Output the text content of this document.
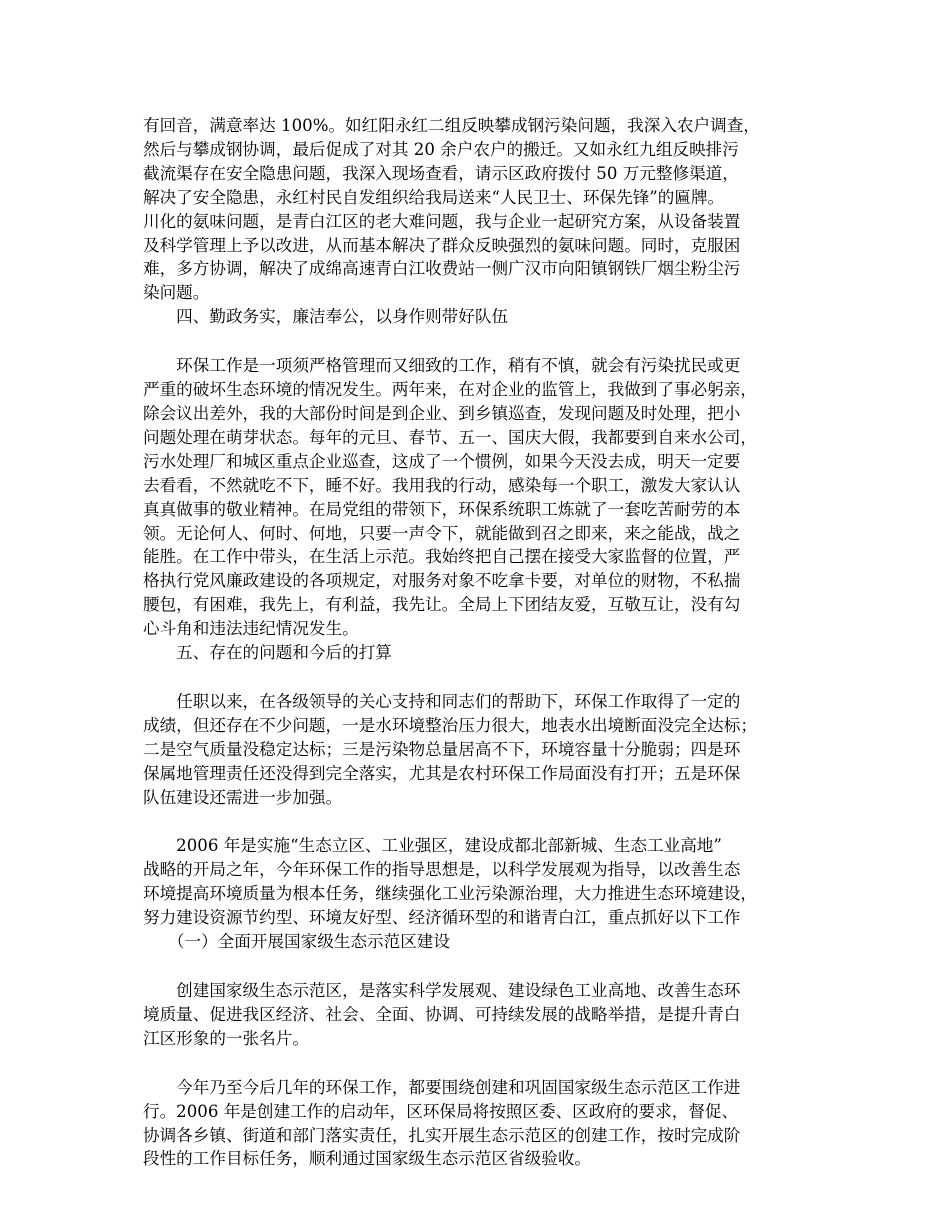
有回音，满意率达 100%。如红阳永红二组反映攀成钢污染问题，我深入农户调查，
然后与攀成钢协调，最后促成了对其 20 余户农户的搬迁。又如永红九组反映排污
截流渠存在安全隐患问题，我深入现场查看，请示区政府拨付 50 万元整修渠道，
解决了安全隐患，永红村民自发组织给我局送来“人民卫士、环保先锋”的匾牌。
川化的氨味问题，是青白江区的老大难问题，我与企业一起研究方案，从设备装置
及科学管理上予以改进，从而基本解决了群众反映强烈的氨味问题。同时，克服困
难，多方协调，解决了成绵高速青白江收费站一侧广汉市向阳镇钢铁厂烟尘粉尘污
染问题。
　　四、勤政务实，廉洁奉公，以身作则带好队伍
　　环保工作是一项须严格管理而又细致的工作，稍有不慎，就会有污染扰民或更
严重的破坏生态环境的情况发生。两年来，在对企业的监管上，我做到了事必躬亲，
除会议出差外，我的大部份时间是到企业、到乡镇巡查，发现问题及时处理，把小
问题处理在萌芽状态。每年的元旦、春节、五一、国庆大假，我都要到自来水公司，
污水处理厂和城区重点企业巡查，这成了一个惯例，如果今天没去成，明天一定要
去看看，不然就吃不下，睡不好。我用我的行动，感染每一个职工，激发大家认认
真真做事的敬业精神。在局党组的带领下，环保系统职工炼就了一套吃苦耐劳的本
领。无论何人、何时、何地，只要一声令下，就能做到召之即来，来之能战，战之
能胜。在工作中带头，在生活上示范。我始终把自己摆在接受大家监督的位置，严
格执行党风廉政建设的各项规定，对服务对象不吃拿卡要，对单位的财物，不私揣
腰包，有困难，我先上，有利益，我先让。全局上下团结友爱，互敬互让，没有勾
心斗角和违法违纪情况发生。
　　五、存在的问题和今后的打算
　　任职以来，在各级领导的关心支持和同志们的帮助下，环保工作取得了一定的
成绩，但还存在不少问题，一是水环境整治压力很大，地表水出境断面没完全达标；
二是空气质量没稳定达标；三是污染物总量居高不下，环境容量十分脆弱；四是环
保属地管理责任还没得到完全落实，尤其是农村环保工作局面没有打开；五是环保
队伍建设还需进一步加强。
　　2006 年是实施“生态立区、工业强区，建设成都北部新城、生态工业高地”
战略的开局之年，今年环保工作的指导思想是，以科学发展观为指导，以改善生态
环境提高环境质量为根本任务，继续强化工业污染源治理，大力推进生态环境建设，
努力建设资源节约型、环境友好型、经济循环型的和谐青白江，重点抓好以下工作
　　（一）全面开展国家级生态示范区建设
　　创建国家级生态示范区，是落实科学发展观、建设绿色工业高地、改善生态环
境质量、促进我区经济、社会、全面、协调、可持续发展的战略举措，是提升青白
江区形象的一张名片。
　　今年乃至今后几年的环保工作，都要围绕创建和巩固国家级生态示范区工作进
行。2006 年是创建工作的启动年，区环保局将按照区委、区政府的要求，督促、
协调各乡镇、街道和部门落实责任，扎实开展生态示范区的创建工作，按时完成阶
段性的工作目标任务，顺利通过国家级生态示范区省级验收。
